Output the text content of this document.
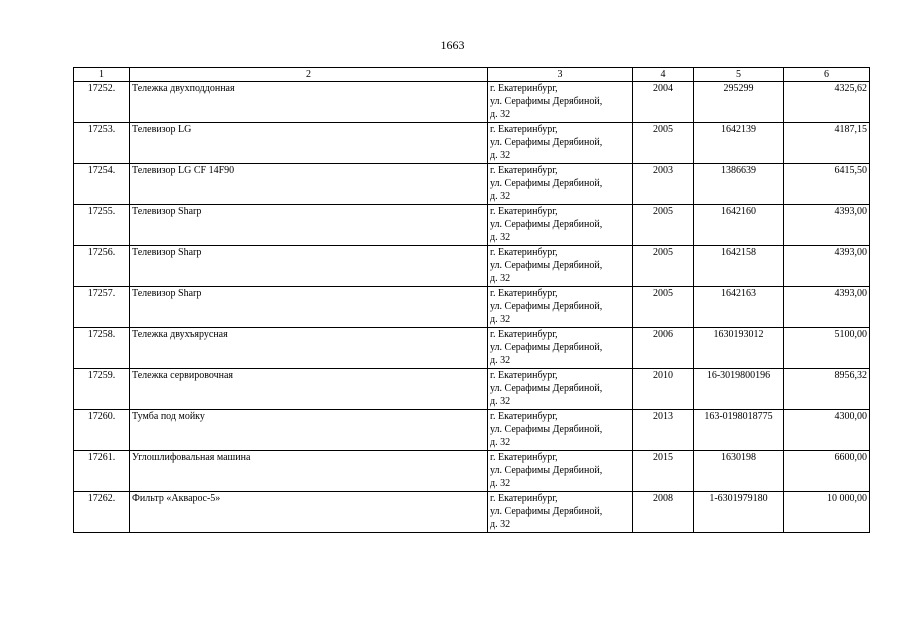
1663
1	2	3	4	5	6
17252.	Тележка двухподдонная	г. Екатеринбург,
ул. Серафимы Дерябиной,
д. 32	2004	295299	4325,62
17253.	Телевизор LG	г. Екатеринбург,
ул. Серафимы Дерябиной,
д. 32	2005	1642139	4187,15
17254.	Телевизор LG CF 14F90	г. Екатеринбург,
ул. Серафимы Дерябиной,
д. 32	2003	1386639	6415,50
17255.	Телевизор Sharp	г. Екатеринбург,
ул. Серафимы Дерябиной,
д. 32	2005	1642160	4393,00
17256.	Телевизор Sharp	г. Екатеринбург,
ул. Серафимы Дерябиной,
д. 32	2005	1642158	4393,00
17257.	Телевизор Sharp	г. Екатеринбург,
ул. Серафимы Дерябиной,
д. 32	2005	1642163	4393,00
17258.	Тележка двухъярусная	г. Екатеринбург,
ул. Серафимы Дерябиной,
д. 32	2006	1630193012	5100,00
17259.	Тележка сервировочная	г. Екатеринбург,
ул. Серафимы Дерябиной,
д. 32	2010	16-3019800196	8956,32
17260.	Тумба под мойку	г. Екатеринбург,
ул. Серафимы Дерябиной,
д. 32	2013	163-0198018775	4300,00
17261.	Углошлифовальная машина	г. Екатеринбург,
ул. Серафимы Дерябиной,
д. 32	2015	1630198	6600,00
17262.	Фильтр «Аквароc-5»	г. Екатеринбург,
ул. Серафимы Дерябиной,
д. 32	2008	1-6301979180	10 000,00
